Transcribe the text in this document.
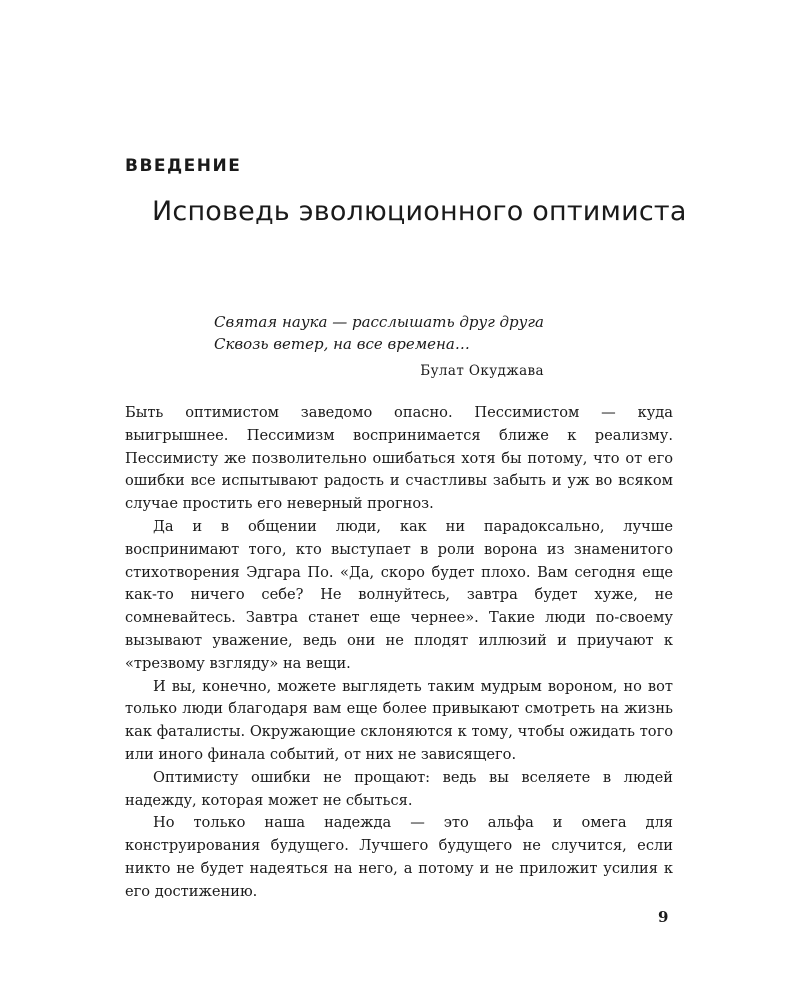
ВВЕДЕНИЕ
Исповедь эволюционного оптимиста
Святая наука — расслышать друг друга
Сквозь ветер, на все времена…
Булат Окуджава

Быть оптимистом заведомо опасно. Пессимистом — куда выигрышнее. Пессимизм воспринимается ближе к реализму. Пессимисту же позволительно ошибаться хотя бы потому, что от его ошибки все испытывают радость и счастливы забыть и уж во всяком случае простить его неверный прогноз.

Да и в общении люди, как ни парадоксально, лучше воспринимают того, кто выступает в роли ворона из знаменитого стихотворения Эдгара По. «Да, скоро будет плохо. Вам сегодня еще как-то ничего себе? Не волнуйтесь, завтра будет хуже, не сомневайтесь. Завтра станет еще чернее». Такие люди по-своему вызывают уважение, ведь они не плодят иллюзий и приучают к «трезвому взгляду» на вещи.

И вы, конечно, можете выглядеть таким мудрым вороном, но вот только люди благодаря вам еще более привыкают смотреть на жизнь как фаталисты. Окружающие склоняются к тому, чтобы ожидать того или иного финала событий, от них не зависящего.

Оптимисту ошибки не прощают: ведь вы вселяете в людей надежду, которая может не сбыться.

Но только наша надежда — это альфа и омега для конструирования будущего. Лучшего будущего не случится, если никто не будет надеяться на него, а потому и не приложит усилия к его достижению.

9
